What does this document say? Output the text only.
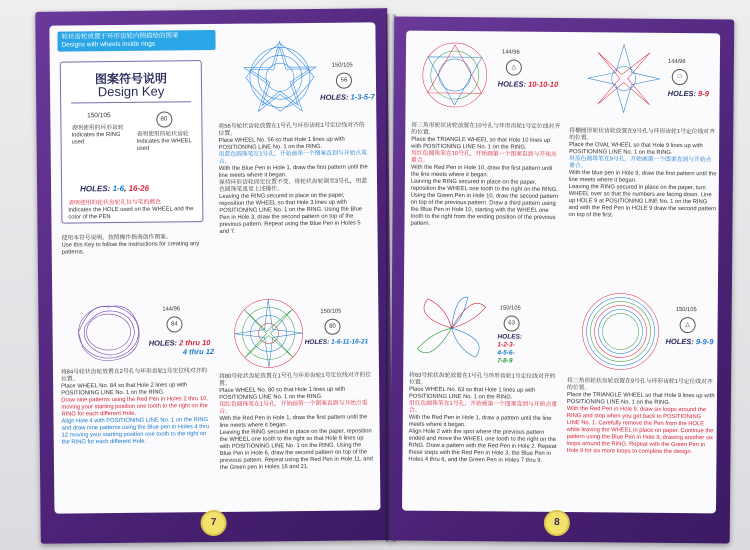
轮状齿轮放置于环形齿轮内侧描绘的图案
Designs with wheels inside rings
图案符号说明
Design Key
150/105
表明使用的环形齿轮
Indicates the RING used
80
表明使用的轮状齿轮
Indicates the WHEEL used
HOLES: 1-6, 16-26
表明使用的轮状齿轮孔位与笔的颜色
Indicates the HOLE used on the WHEEL and the color of the PEN
使用本符号说明，按照操作指南创作图案。
Use this Key to follow the instructions for creating any patterns.
150/105
56
HOLES: 1-3-5-7
将56号轮状齿轮放置在1号孔与环形齿轮1号定位线对齐的位置。
Place WHEEL No. 56 so that Hole 1 lines up with POSITIONING LINE No. 1 on the RING.
用蓝色圆珠笔在1号孔，开始画第一个图案直到与开始点重合。
With the Blue Pen in Hole 1, draw the first pattern until the line meets where it began.
保持环形齿轮固定位置不变，将轮状齿轮调至3号孔，用蓝色圆珠笔重复上述操作。
Leaving the RING secured in place on the paper, reposition the WHEEL so that Hole 3 lines up with POSITIONING LINE No. 1 on the RING. Using the Blue Pen in Hole 3, draw the second pattern on top of the previous pattern. Repeat using the Blue Pen in Holes 5 and 7.
144/96
84
HOLES: 2 thru 10
4 thru 12
将84号轮状齿轮放置在2号孔与环形齿轮1号定位线对齐的位置。
Place WHEEL No. 84 so that Hole 2 lines up with POSITIONING LINE No. 1 on the RING.
Draw nine patterns using the Red Pen in Holes 2 thru 10, moving your starting position one tooth to the right on the RING for each different Hole.
Align Hole 4 with POSITIONING LINE No. 1 on the RING and draw nine patterns using the Blue pen in Holes 4 thru 12 moving your starting position one tooth to the right on the RING for each different Hole.
150/105
80
HOLES: 1-6-11-16-21
将80号轮状齿轮放置在1号孔与环形齿轮1号定位线对齐的位置。
Place WHEEL No. 80 so that Hole 1 lines up with POSITIONING LINE No. 1 on the RING.
用红色圆珠笔在1号孔，开始画第一个图案直到与开始点重合。
With the Red Pen in Hole 1, draw the first pattern until the line meets where it began.
Leaving the RING secured in place on the paper, reposition the WHEEL one tooth to the right so that Hole 6 lines up with POSITIONING LINE No. 1 on the RING. Using the Blue Pen in Hole 6, draw the second pattern on top of the previous pattern. Repeat using the Red Pen in Hole 11, and the Green pen in Holes 16 and 21.
7
144/96
△
HOLES: 10-10-10
将三角形轮状齿轮放置在10号孔与环形齿轮1号定位线对齐的位置。
Place the TRIANGLE WHEEL so that Hole 10 lines up with POSITIONING LINE No. 1 on the RING.
用红色圆珠笔在10号孔，开始画第一个图案直到与开始点重合。
With the Red Pen in Hole 10, draw the first pattern until the line meets where it began.
Leaving the RING secured in place on the paper, reposition the WHEEL one tooth to the right on the RING. Using the Green Pen in Hole 10, draw the second pattern on top of the previous pattern. Draw a third pattern using the Blue Pen in Hole 10, starting with the WHEEL one tooth to the right from the ending position of the previous pattern.
144/96
⬭
HOLES: 9-9
将椭圆形轮状齿轮放置在9号孔与环形齿轮1号定位线对齐的位置。
Place the OVAL WHEEL so that Hole 9 lines up with POSITIONING LINE No. 1 on the RING.
用蓝色圆珠笔在9号孔，开始画第一个图案直到与开始点重合。
With the blue pen in Hole 9, draw the first pattern until the line meets where it began.
Leaving the RING secured in place on the paper, turn WHEEL over so that the numbers are facing down. Line up HOLE 9 at POSITIONING LINE No. 1 on the RING and with the Red Pen in HOLE 9 draw the second pattern on top of the first.
150/105
63
HOLES:
1-2-3-
4-5-6-
7-8-9
将63号轮状齿轮放置在1号孔与环形齿轮1号定位线对齐的位置。
Place WHEEL No. 63 so that Hole 1 lines up with POSITIONING LINE No. 1 on the RING.
用红色圆珠笔在1号孔，开始画第一个图案直到与开始点重合。
With the Red Pen in Hole 1, draw a pattern until the line meets where it began.
Align Hole 2 with the spot where the previous pattern ended and move the WHEEL one tooth to the right on the RING. Draw a pattern with the Red Pen in Hole 2. Repeat these steps with the Red Pen in Hole 3, the Blue Pen in Holes 4 thru 6, and the Green Pen in Holes 7 thru 9.
150/105
△
HOLES: 9-9-9
将三角形轮状齿轮放置在9号孔与环形齿轮1号定位线对齐的位置。
Place the TRIANGLE WHEEL so that Hole 9 lines up with POSITIONING LINE No. 1 on the RING.
With the Red Pen in Hole 9, draw six loops around the RING and stop when you get back to POSITIONING LINE No. 1. Carefully remove the Pen from the HOLE while leaving the WHEEL in place on paper. Continue the pattern using the Blue Pen in Hole 9, drawing another six loops around the RING. Repeat with the Green Pen in Hole 9 for six more loops to complete the design.
8
